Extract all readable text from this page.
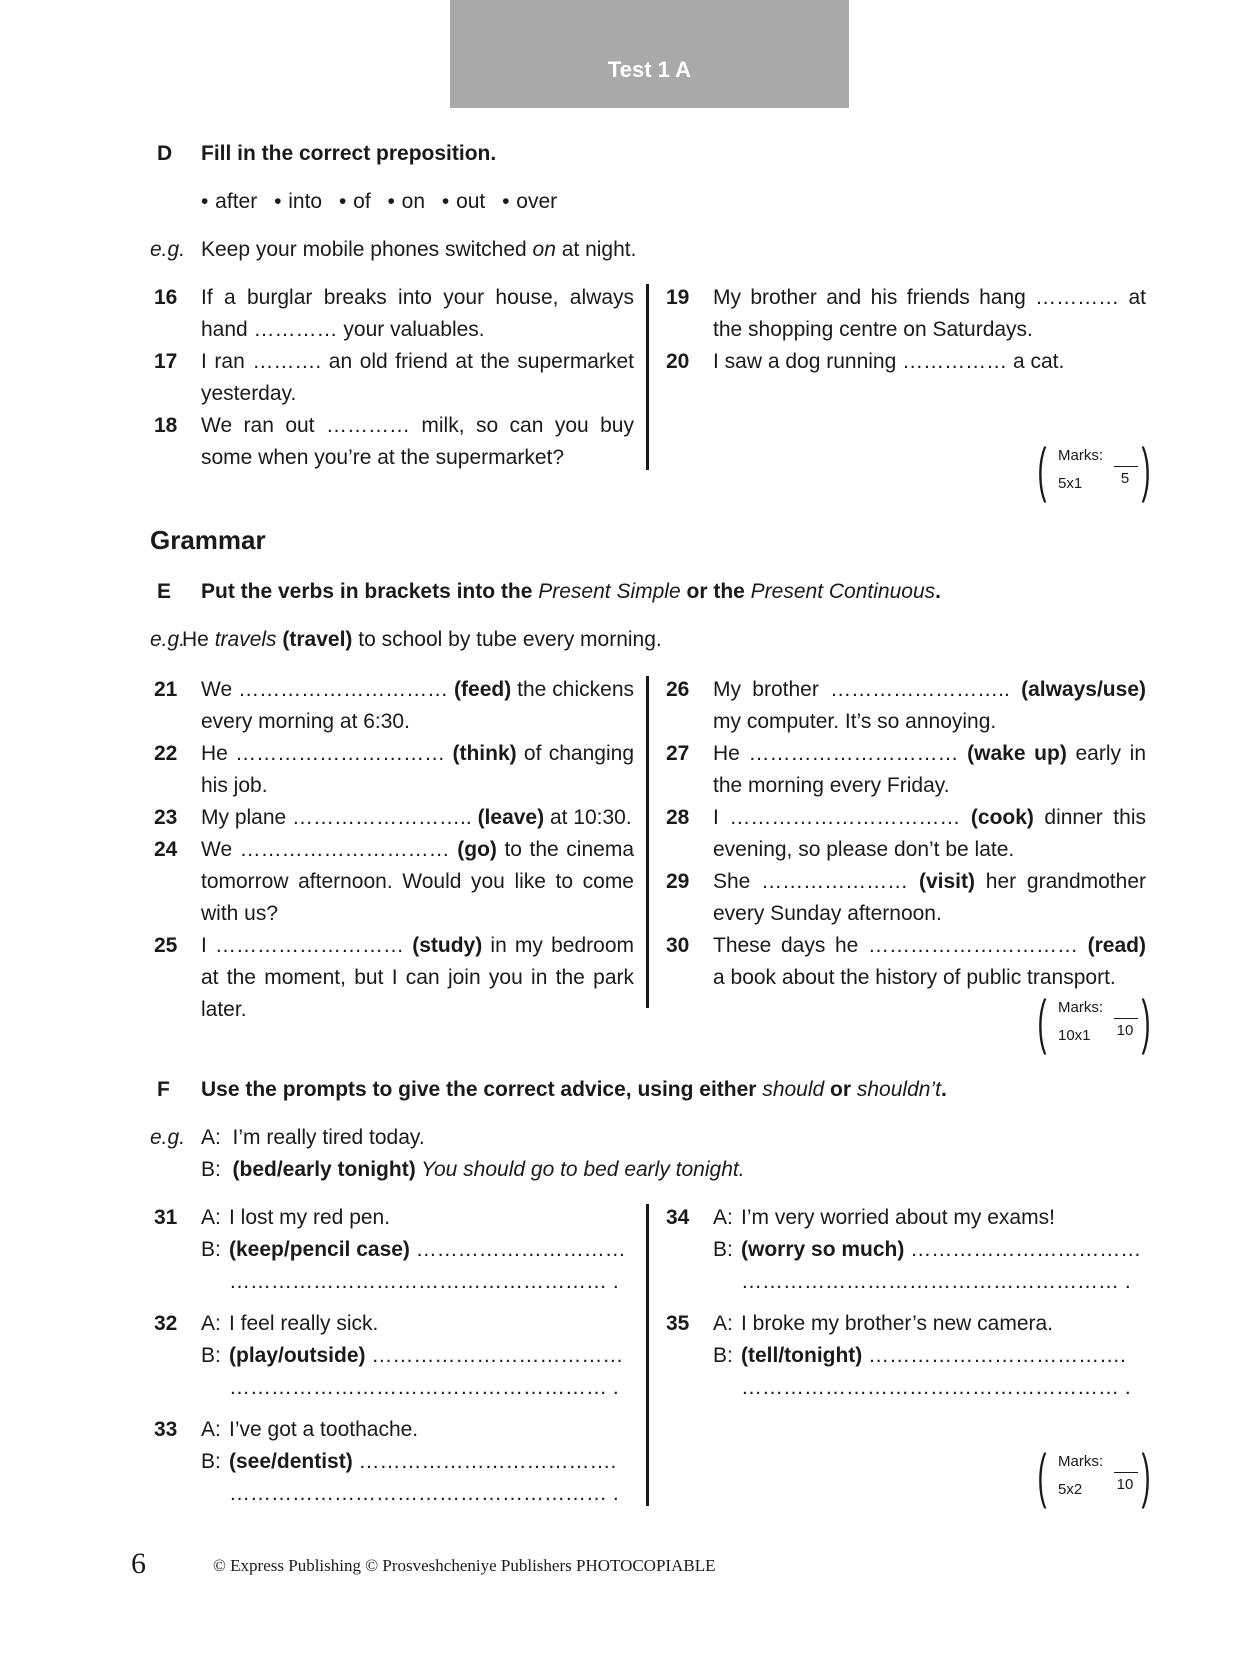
Test 1 A
D Fill in the correct preposition.
• after • into • of • on • out • over
e.g. Keep your mobile phones switched on at night.
16	If a burglar breaks into your house, always hand ………… your valuables.
17	I ran ………. an old friend at the supermarket yesterday.
18	We ran out ………… milk, so can you buy some when you’re at the supermarket?
19	My brother and his friends hang ………… at the shopping centre on Saturdays.
20	I saw a dog running …………… a cat.
( )
Marks:
5
5x1
Grammar
E Put the verbs in brackets into the Present Simple or the Present Continuous.
e.g.
He travels (travel) to school by tube every morning.
21	We ………………………… (feed) the chickens every morning at 6:30.
22	He ………………………… (think) of changing his job.
23	My plane …………………….. (leave) at 10:30.
24	We ………………………… (go) to the cinema tomorrow afternoon. Would you like to come with us?
25	I ……………………… (study) in my bedroom at the moment, but I can join you in the park later.
26	My brother …………………….. (always/use) my computer. It’s so annoying.
27	He ………………………… (wake up) early in the morning every Friday.
28	I …………………………… (cook) dinner this evening, so please don’t be late.
29	She ………………… (visit) her grandmother every Sunday afternoon.
30	These days he ………………………… (read) a book about the history of public transport.
( )
Marks:
10
10x1
F Use the prompts to give the correct advice, using either should or shouldn’t.
e.g. A: I’m really tired today.
B: (bed/early tonight) You should go to bed early tonight.
31	A: I lost my red pen.
B: (keep/pencil case) …………………………
……………………………………………… .
32	A: I feel really sick.
B: (play/outside) ………………………………
……………………………………………… .
33	A: I’ve got a toothache.
B: (see/dentist) ……………………………….
……………………………………………… .
34	A: I’m very worried about my exams!
B: (worry so much) ……………………………
……………………………………………… .
35	A: I broke my brother’s new camera.
B: (tell/tonight) ……………………………….
……………………………………………… .
( )
Marks:
10
5x2
6	© Express Publishing © Prosveshcheniye Publishers PHOTOCOPIABLE
